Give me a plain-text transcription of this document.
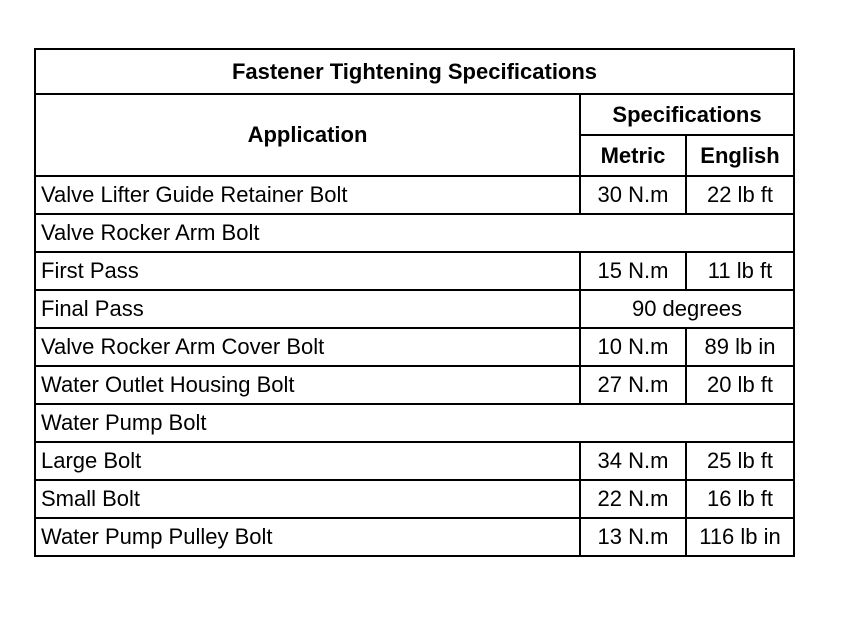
Fastener Tightening Specifications		
Application	Specifications	
	Metric	English
Valve Lifter Guide Retainer Bolt	30 N.m	22 lb ft
Valve Rocker Arm Bolt		
First Pass	15 N.m	11 lb ft
Final Pass	90 degrees	
Valve Rocker Arm Cover Bolt	10 N.m	89 lb in
Water Outlet Housing Bolt	27 N.m	20 lb ft
Water Pump Bolt		
Large Bolt	34 N.m	25 lb ft
Small Bolt	22 N.m	16 lb ft
Water Pump Pulley Bolt	13 N.m	116 lb in
